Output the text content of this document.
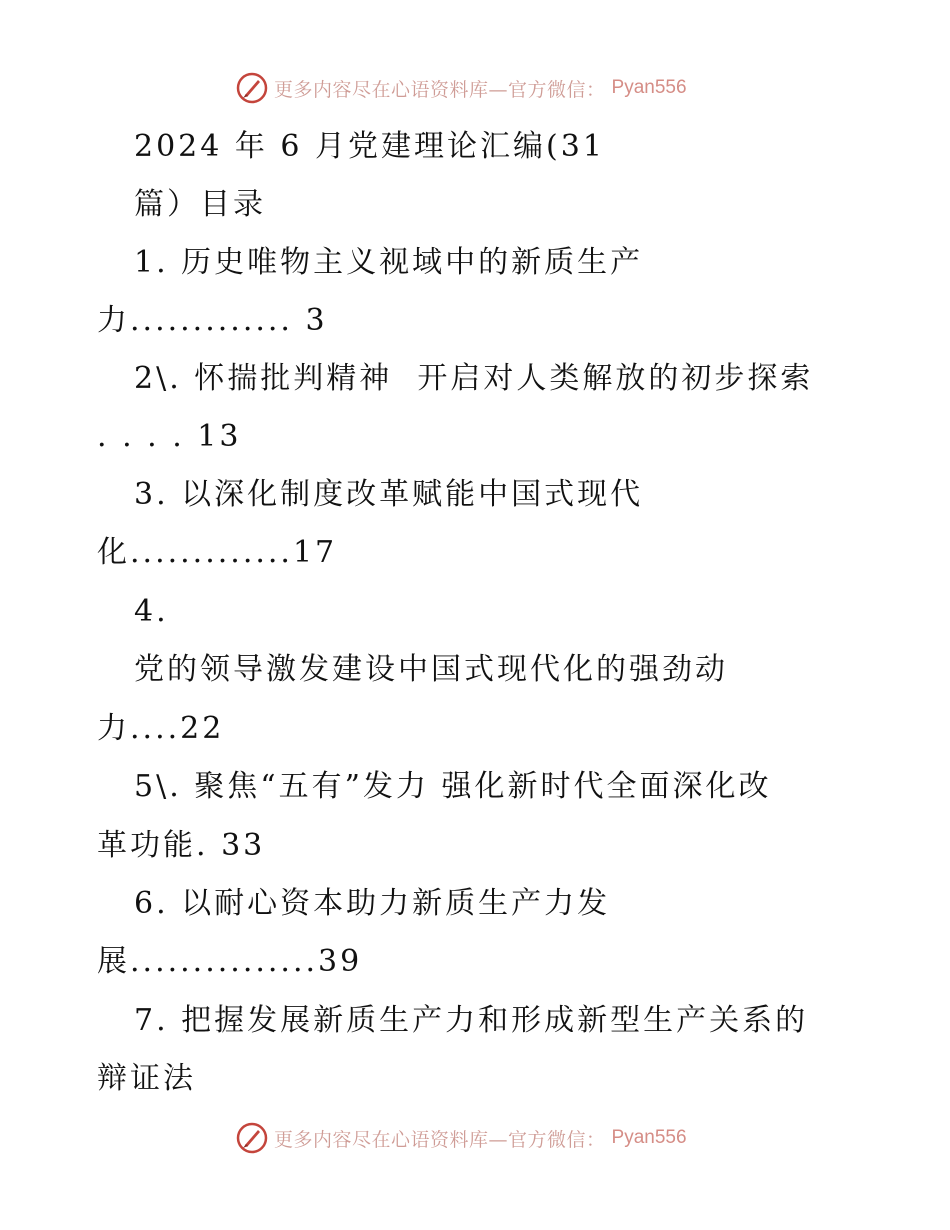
更多内容尽在心语资料库—官方微信： Pyan556
2024 年 6 月党建理论汇编(31
篇）目录
1. 历史唯物主义视域中的新质生产
力............. 3
2\. 怀揣批判精神  开启对人类解放的初步探索
. . . . 13
3. 以深化制度改革赋能中国式现代
化.............17
4.
党的领导激发建设中国式现代化的强劲动
力....22
5\. 聚焦“五有”发力 强化新时代全面深化改
革功能. 33
6. 以耐心资本助力新质生产力发
展...............39
7. 把握发展新质生产力和形成新型生产关系的
辩证法
更多内容尽在心语资料库—官方微信： Pyan556
